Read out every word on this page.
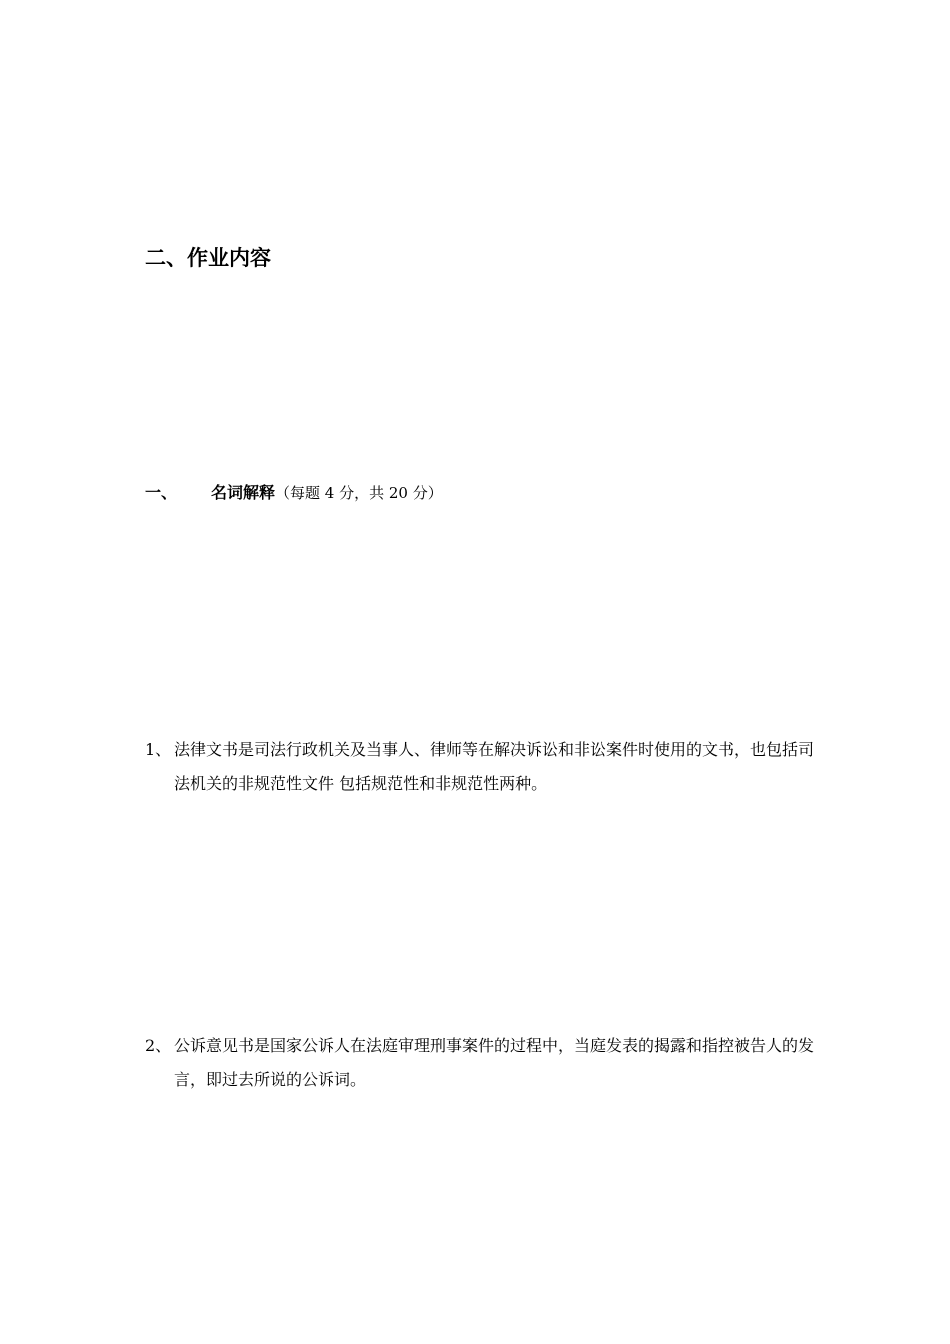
二、作业内容
一、 名词解释（每题 4 分，共 20 分）
1、 法律文书是司法行政机关及当事人、律师等在解决诉讼和非讼案件时使用的文书，也包括司法机关的非规范性文件 包括规范性和非规范性两种。
2、 公诉意见书是国家公诉人在法庭审理刑事案件的过程中，当庭发表的揭露和指控被告人的发言，即过去所说的公诉词。
